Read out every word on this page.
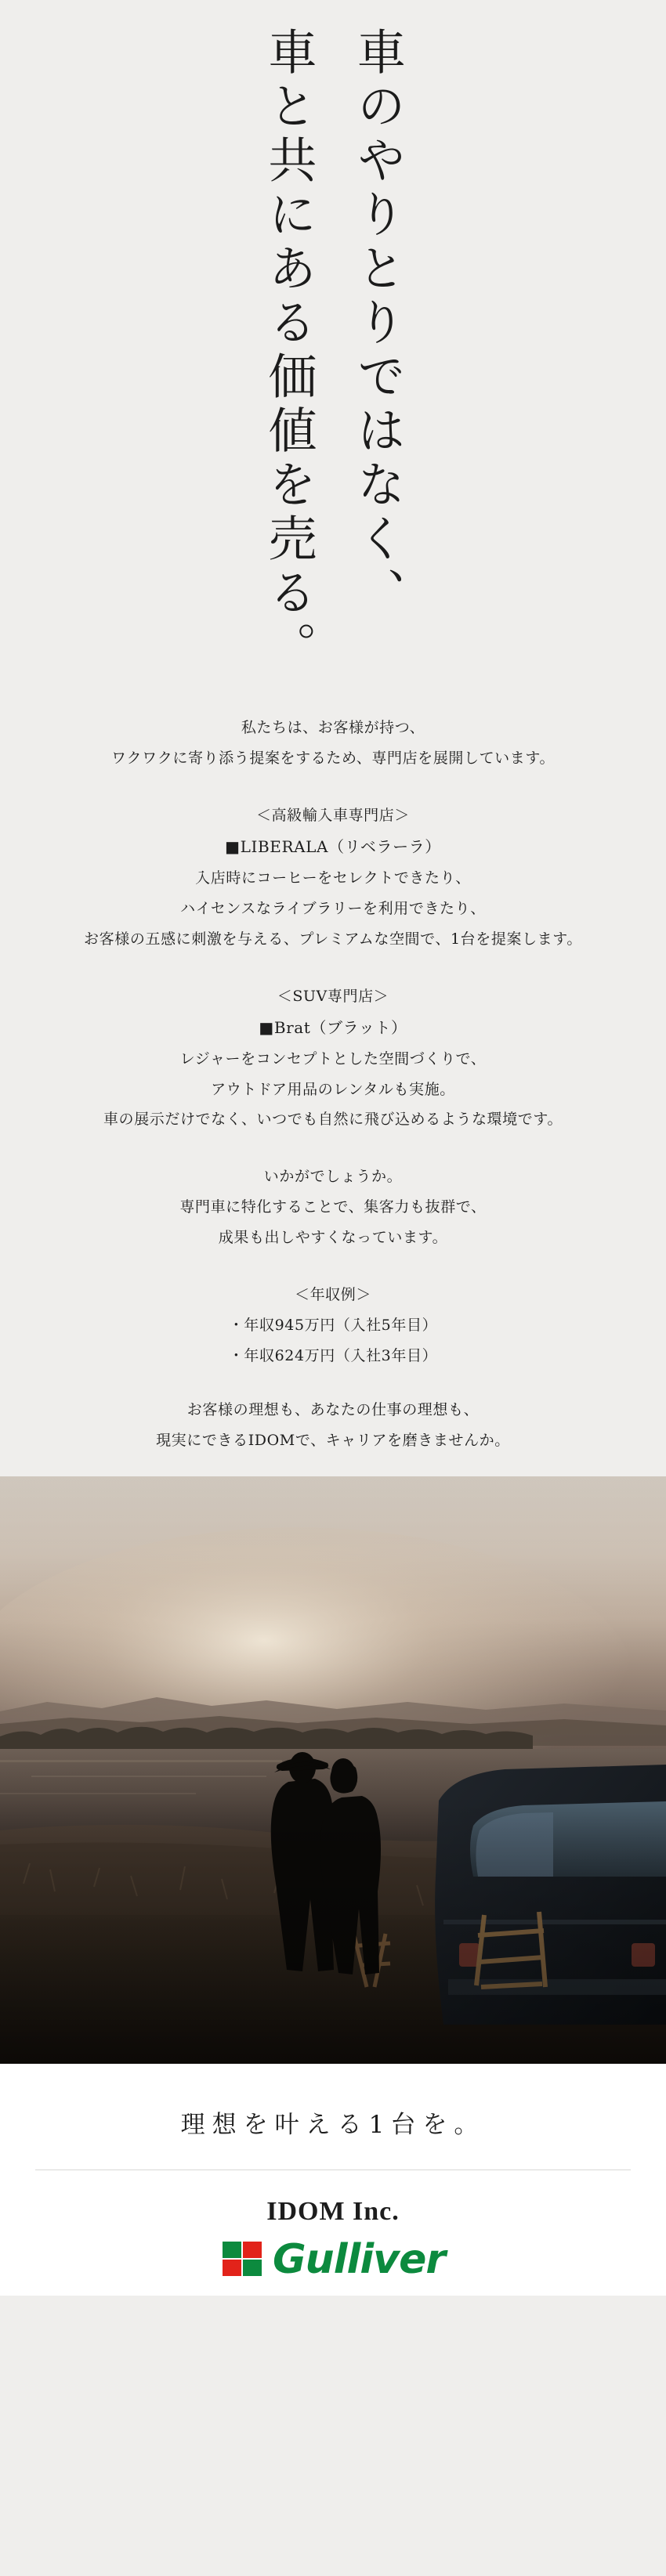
車のやりとりではなく、
車と共にある価値を売る。

私たちは、お客様が持つ、
ワクワクに寄り添う提案をするため、専門店を展開しています。

＜高級輸入車専門店＞
■LIBERALA（リベラーラ）
入店時にコーヒーをセレクトできたり、
ハイセンスなライブラリーを利用できたり、
お客様の五感に刺激を与える、プレミアムな空間で、1台を提案します。

＜SUV専門店＞
■Brat（ブラット）
レジャーをコンセプトとした空間づくりで、
アウトドア用品のレンタルも実施。
車の展示だけでなく、いつでも自然に飛び込めるような環境です。

いかがでしょうか。
専門車に特化することで、集客力も抜群で、
成果も出しやすくなっています。

＜年収例＞
・年収945万円（入社5年目）
・年収624万円（入社3年目）

お客様の理想も、あなたの仕事の理想も、
現実にできるIDOMで、キャリアを磨きませんか。

理想を叶える1台を。

IDOM Inc.

Gulliver
